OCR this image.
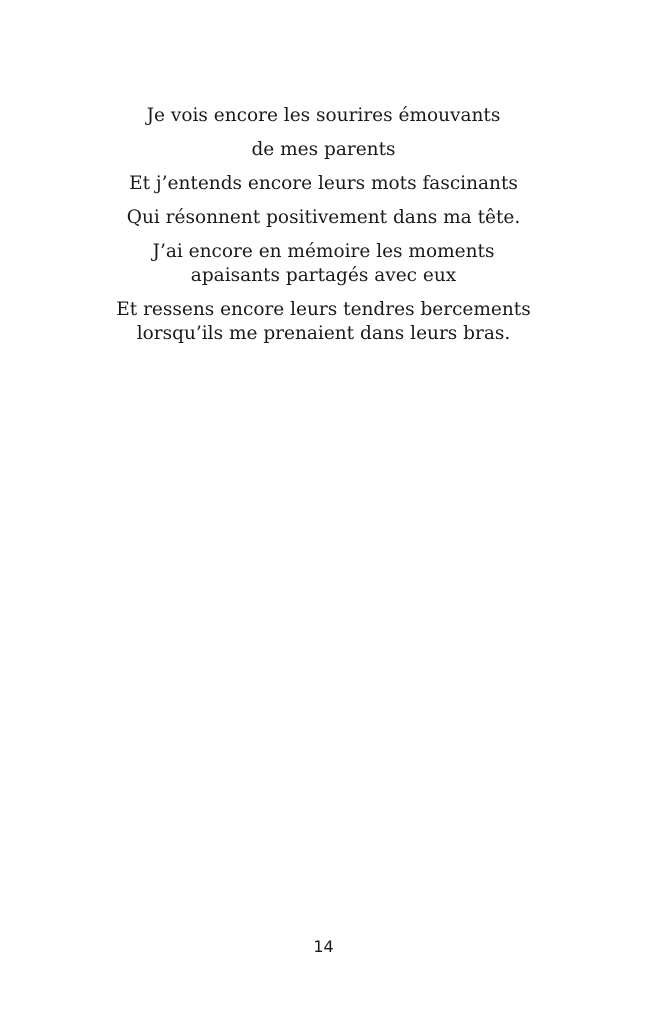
Je vois encore les sourires émouvants

de mes parents

Et j’entends encore leurs mots fascinants

Qui résonnent positivement dans ma tête.

J’ai encore en mémoire les moments
apaisants partagés avec eux

Et ressens encore leurs tendres bercements
lorsqu’ils me prenaient dans leurs bras.

14
